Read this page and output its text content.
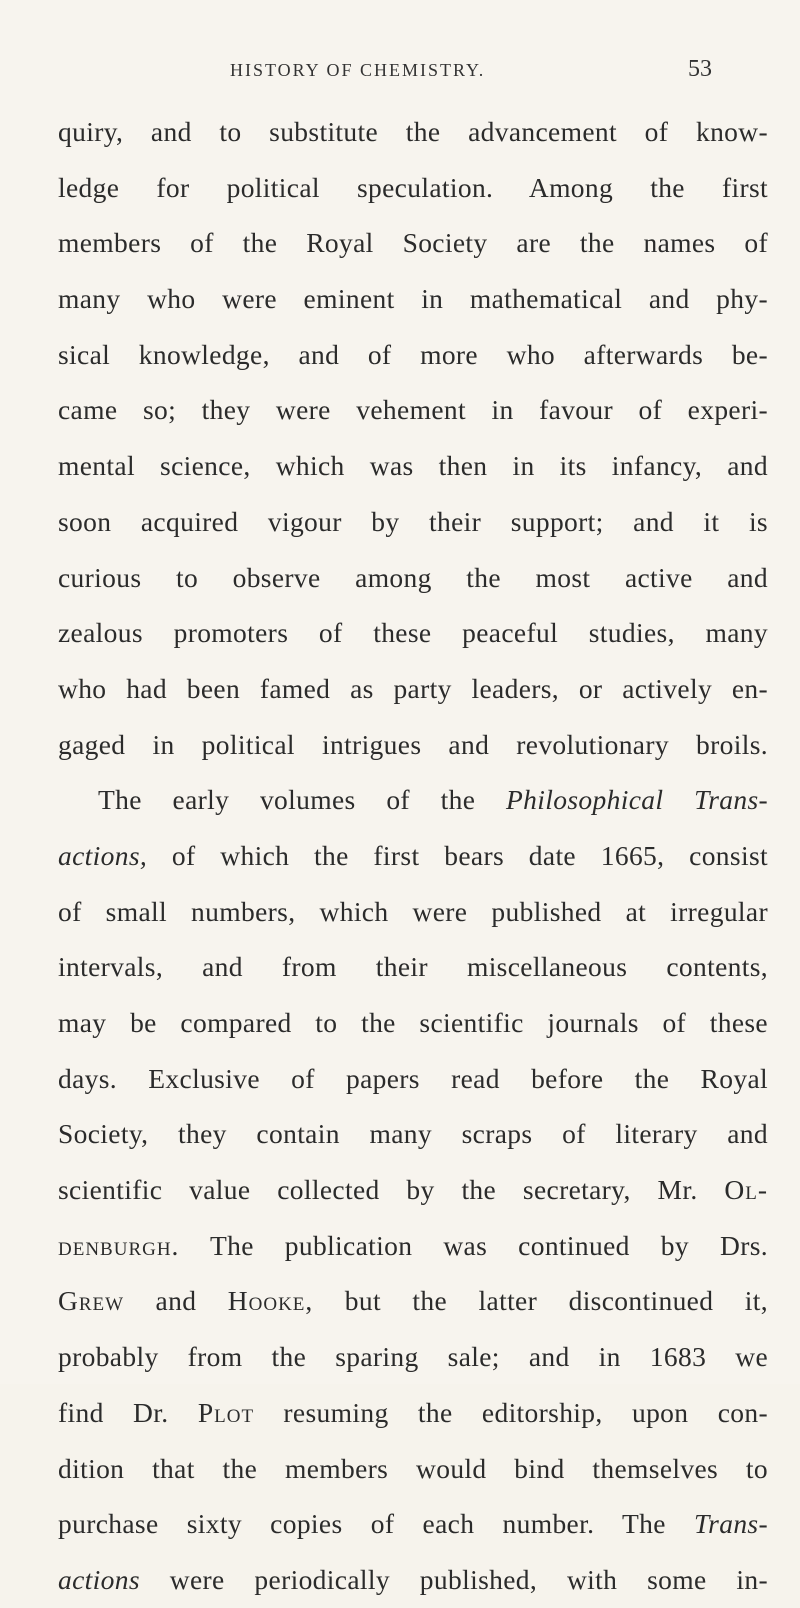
HISTORY OF CHEMISTRY.	53
quiry, and to substitute the advancement of know-
ledge for political speculation. Among the first
members of the Royal Society are the names of
many who were eminent in mathematical and phy-
sical knowledge, and of more who afterwards be-
came so; they were vehement in favour of experi-
mental science, which was then in its infancy, and
soon acquired vigour by their support; and it is
curious to observe among the most active and
zealous promoters of these peaceful studies, many
who had been famed as party leaders, or actively en-
gaged in political intrigues and revolutionary broils.
The early volumes of the Philosophical Trans-
actions, of which the first bears date 1665, consist
of small numbers, which were published at irregular
intervals, and from their miscellaneous contents,
may be compared to the scientific journals of these
days. Exclusive of papers read before the Royal
Society, they contain many scraps of literary and
scientific value collected by the secretary, Mr. Ol-
denburgh. The publication was continued by Drs.
Grew and Hooke, but the latter discontinued it,
probably from the sparing sale; and in 1683 we
find Dr. Plot resuming the editorship, upon con-
dition that the members would bind themselves to
purchase sixty copies of each number. The Trans-
actions were periodically published, with some in-
